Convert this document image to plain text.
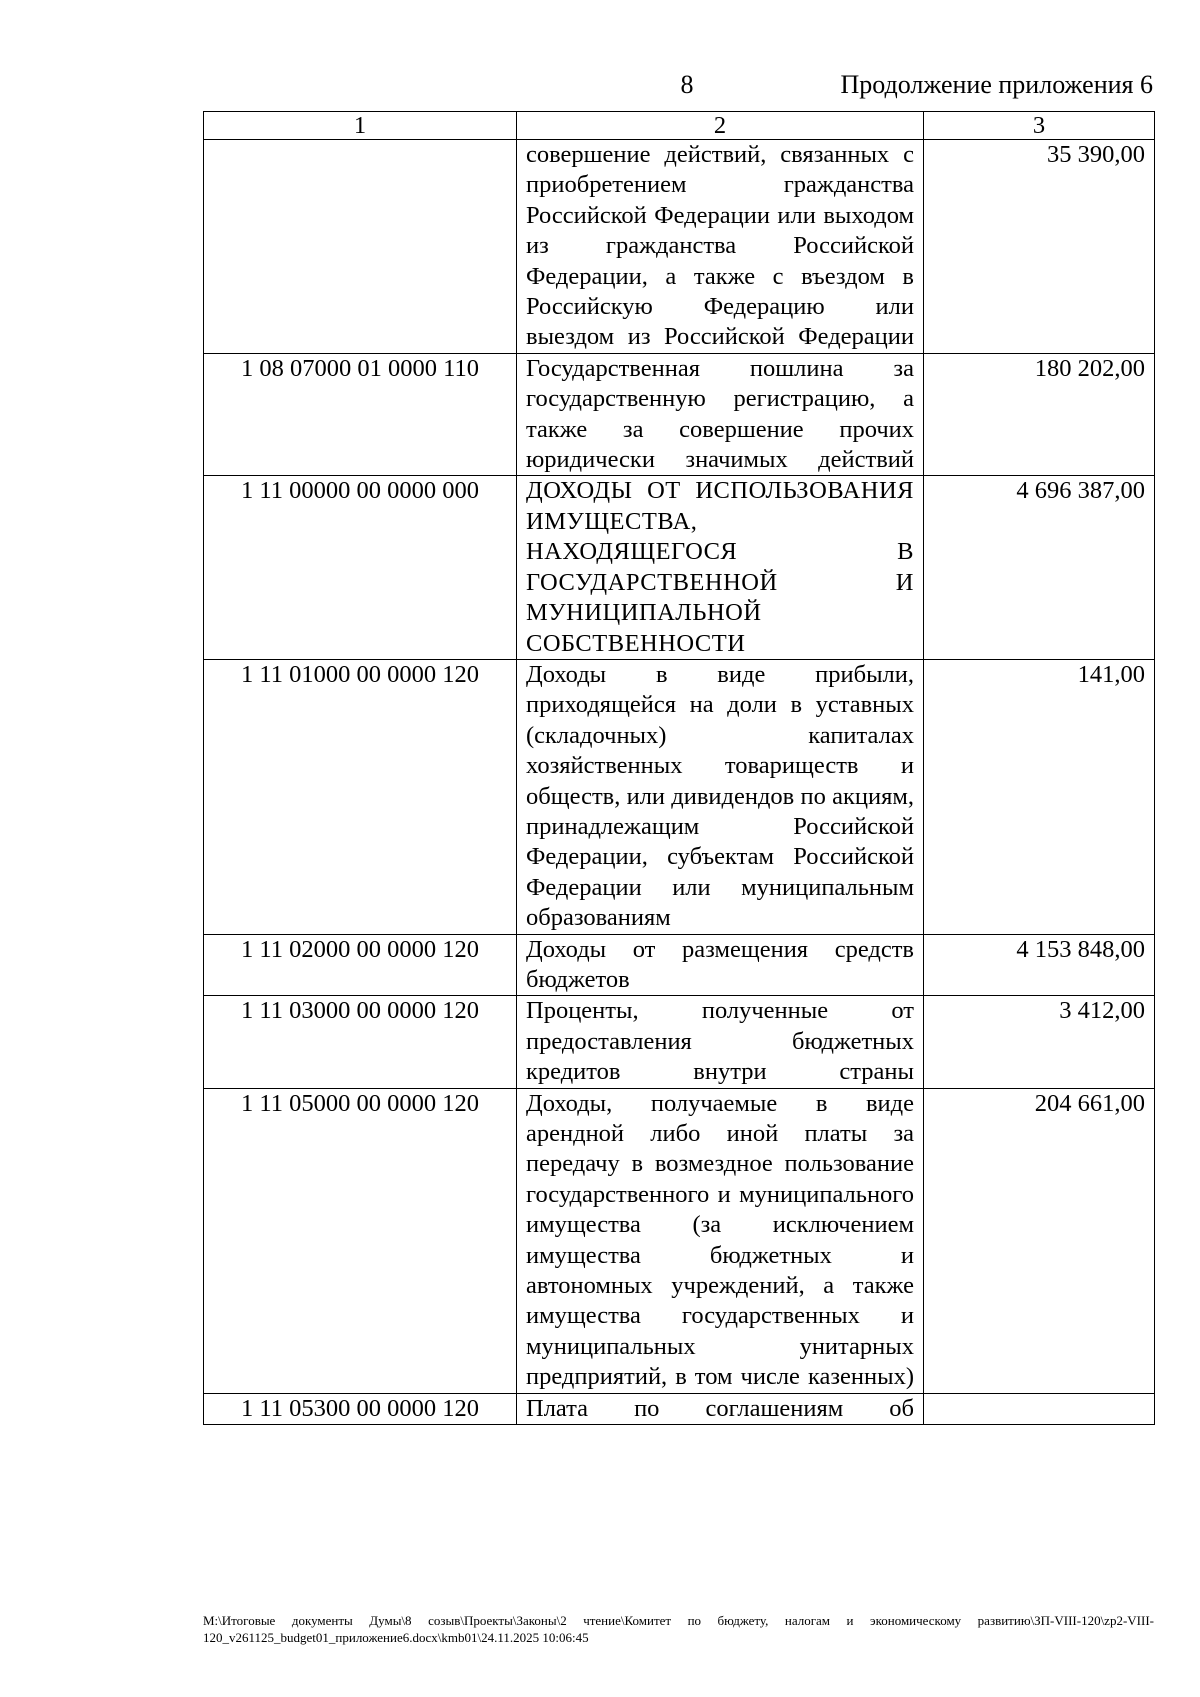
8	Продолжение приложения 6
1	2	3
	совершение действий, связанных с приобретением гражданства Российской Федерации или выходом из гражданства Российской Федерации, а также с въездом в Российскую Федерацию или выездом из Российской Федерации	35 390,00
1 08 07000 01 0000 110	Государственная пошлина за государственную регистрацию, а также за совершение прочих юридически значимых действий	180 202,00
1 11 00000 00 0000 000	ДОХОДЫ ОТ ИСПОЛЬЗОВАНИЯ ИМУЩЕСТВА, НАХОДЯЩЕГОСЯ В ГОСУДАРСТВЕННОЙ И МУНИЦИПАЛЬНОЙ СОБСТВЕННОСТИ	4 696 387,00
1 11 01000 00 0000 120	Доходы в виде прибыли, приходящейся на доли в уставных (складочных) капиталах хозяйственных товариществ и обществ, или дивидендов по акциям, принадлежащим Российской Федерации, субъектам Российской Федерации или муниципальным образованиям	141,00
1 11 02000 00 0000 120	Доходы от размещения средств бюджетов	4 153 848,00
1 11 03000 00 0000 120	Проценты, полученные от предоставления бюджетных кредитов внутри страны	3 412,00
1 11 05000 00 0000 120	Доходы, получаемые в виде арендной либо иной платы за передачу в возмездное пользование государственного и муниципального имущества (за исключением имущества бюджетных и автономных учреждений, а также имущества государственных и муниципальных унитарных предприятий, в том числе казенных)	204 661,00
1 11 05300 00 0000 120	Плата по соглашениям об	
M:\Итоговые документы Думы\8 созыв\Проекты\Законы\2 чтение\Комитет по бюджету, налогам и экономическому развитию\ЗП-VIII-120\zp2-VIII-120_v261125_budget01_приложение6.docx\kmb01\24.11.2025 10:06:45
